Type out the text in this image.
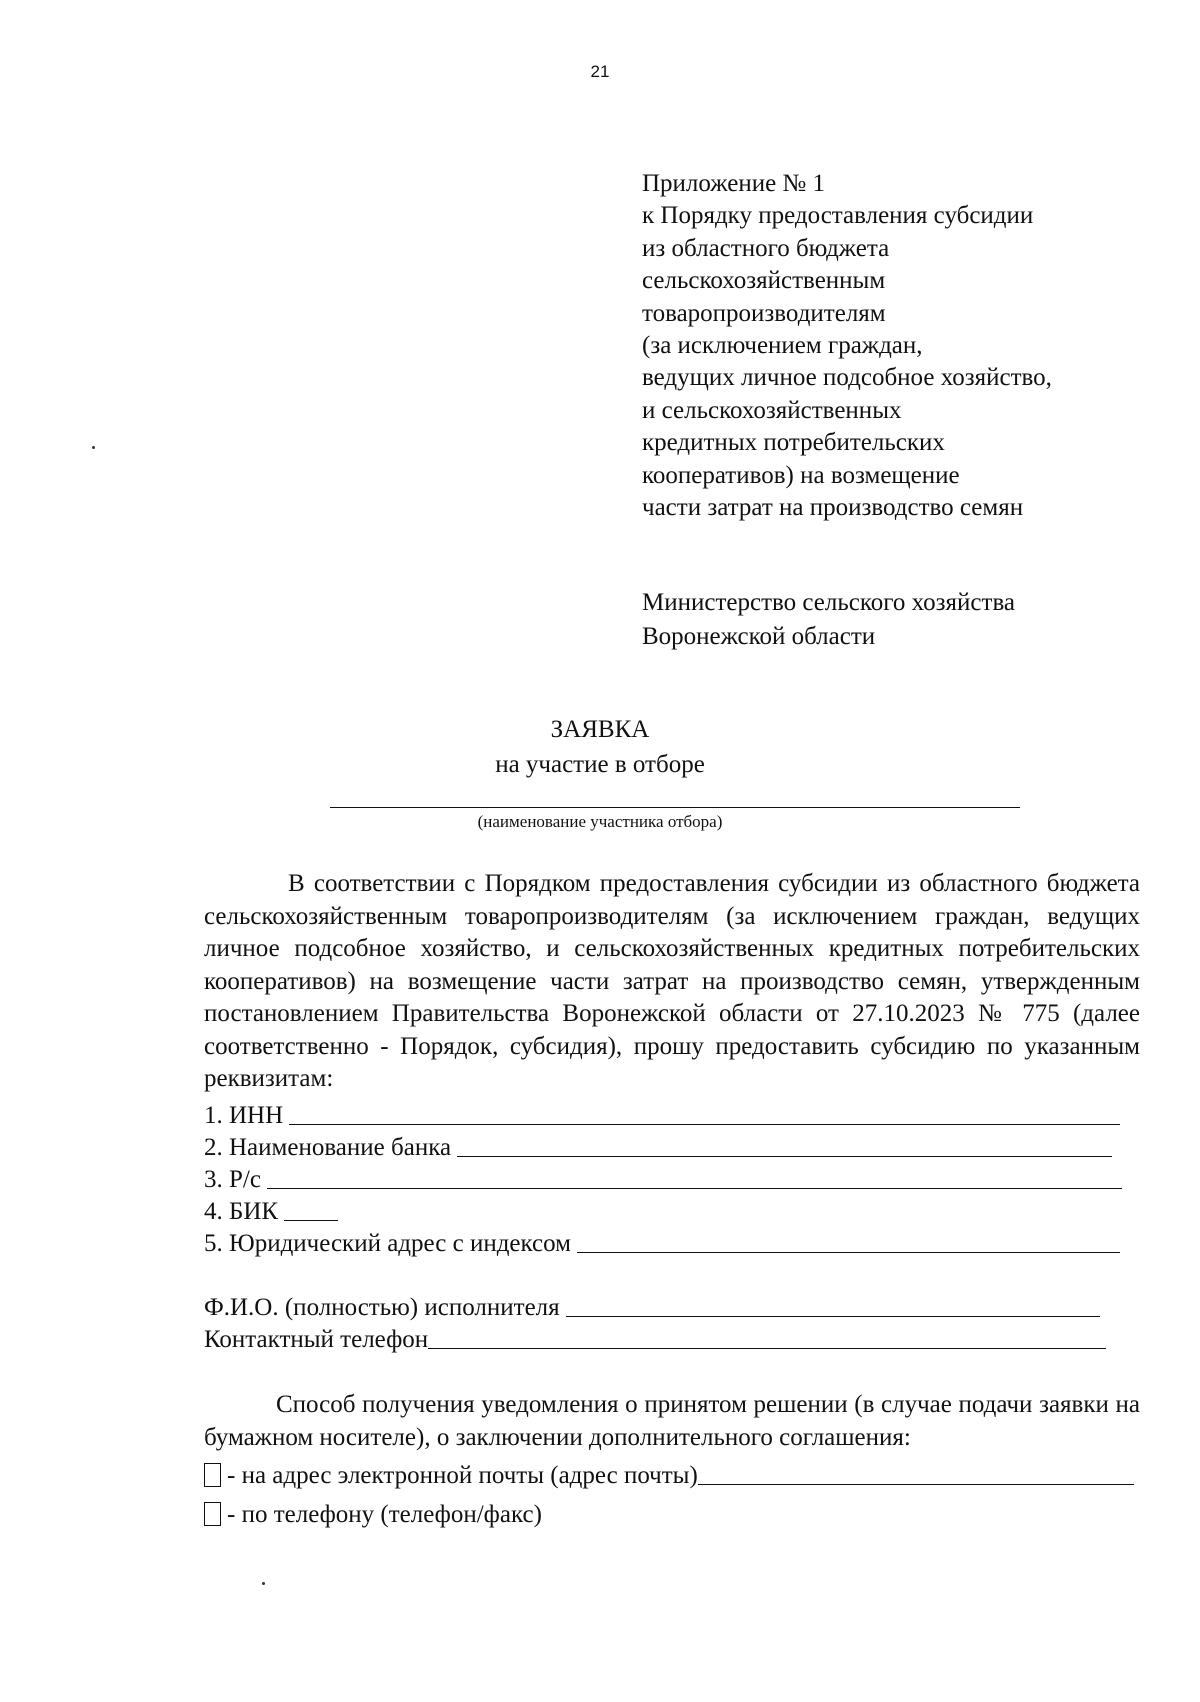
21
Приложение № 1
к Порядку предоставления субсидии
из областного бюджета
сельскохозяйственным
товаропроизводителям
(за исключением граждан,
ведущих личное подсобное хозяйство,
и сельскохозяйственных
кредитных потребительских
кооперативов) на возмещение
части затрат на производство семян
Министерство сельского хозяйства
Воронежской области
ЗАЯВКА
на участие в отборе
(наименование участника отбора)
В соответствии с Порядком предоставления субсидии из областного бюджета сельскохозяйственным товаропроизводителям (за исключением граждан, ведущих личное подсобное хозяйство, и сельскохозяйственных кредитных потребительских кооперативов) на возмещение части затрат на производство семян, утвержденным постановлением Правительства Воронежской области от 27.10.2023 № 775 (далее соответственно - Порядок, субсидия), прошу предоставить субсидию по указанным реквизитам:
1. ИНН
2. Наименование банка
3. Р/с
4. БИК
5. Юридический адрес с индексом
Ф.И.О. (полностью) исполнителя
Контактный телефон
Способ получения уведомления о принятом решении (в случае подачи заявки на бумажном носителе), о заключении дополнительного соглашения:
- на адрес электронной почты (адрес почты)
- по телефону (телефон/факс)
